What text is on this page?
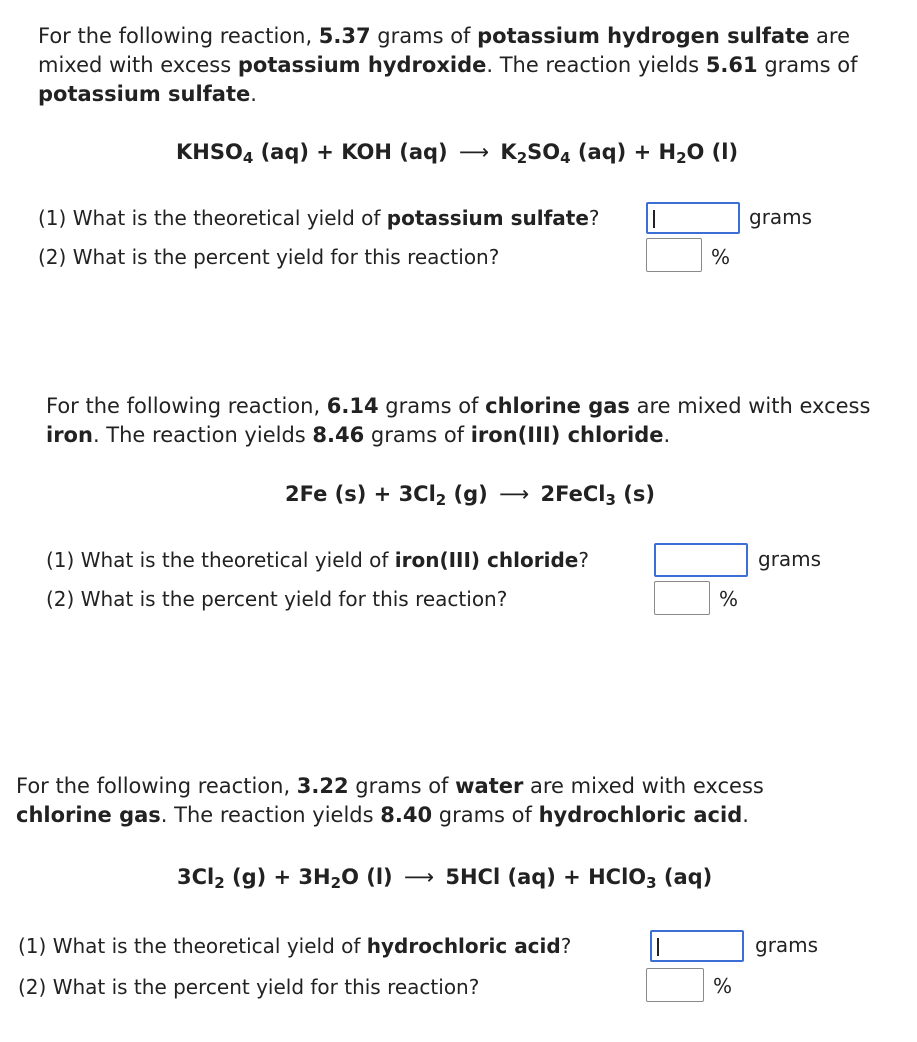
For the following reaction, 5.37 grams of potassium hydrogen sulfate are
mixed with excess potassium hydroxide. The reaction yields 5.61 grams of
potassium sulfate.

$KHSO_4$ (aq) + KOH (aq) ⟶ $K_2SO_4$ $(aq) + H_2O$ (l)
(1) What is the theoretical yield of potassium sulfate?	grams
(2) What is the percent yield for this reaction?	%

For the following reaction, 6.14 grams of chlorine gas are mixed with excess
iron. The reaction yields 8.46 grams of iron(III) chloride.

2Fe $(s) + 3Cl_2$ (g) ⟶ 2FeCl$_3$ (s)
(1) What is the theoretical yield of iron(III) chloride?	grams
(2) What is the percent yield for this reaction?	%

For the following reaction, 3.22 grams of water are mixed with excess
chlorine gas. The reaction yields 8.40 grams of hydrochloric acid.

$3Cl_2$ $(g) + 3H_2O$ (l) ⟶ 5HCl (aq) + HClO$_3$ (aq)
(1) What is the theoretical yield of hydrochloric acid?	grams
(2) What is the percent yield for this reaction?	%
